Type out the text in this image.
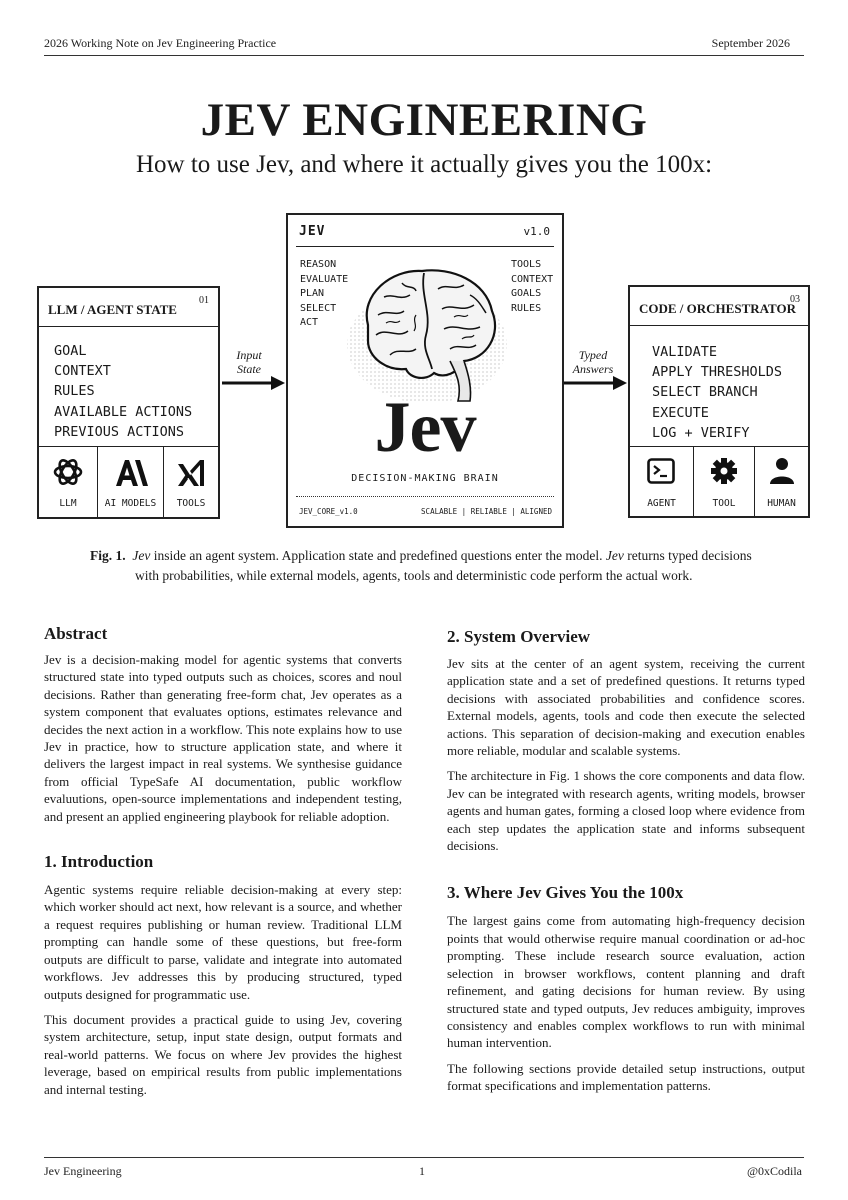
2026 Working Note on Jev Engineering Practice	September 2026
JEV ENGINEERING
How to use Jev, and where it actually gives you the 100x:
LLM / AGENT STATE
01
GOAL
CONTEXT
RULES
AVAILABLE ACTIONS
PREVIOUS ACTIONS
LLM	AI MODELS	TOOLS
Input
State
JEV	v1.0
REASON
EVALUATE
PLAN
SELECT
ACT
TOOLS
CONTEXT
GOALS
RULES
Jev
DECISION-MAKING BRAIN
JEV_CORE_v1.0	SCALABLE | RELIABLE | ALIGNED
Typed
Answers
CODE / ORCHESTRATOR
03
VALIDATE
APPLY THRESHOLDS
SELECT BRANCH
EXECUTE
LOG + VERIFY
AGENT	TOOL	HUMAN
Fig. 1. Jev inside an agent system. Application state and predefined questions enter the model. Jev returns typed decisions
with probabilities, while external models, agents, tools and deterministic code perform the actual work.
Abstract

Jev is a decision-making model for agentic systems that converts structured state into typed outputs such as choices, scores and noul decisions. Rather than generating free-form chat, Jev operates as a system component that evaluates options, estimates relevance and decides the next action in a workflow. This note explains how to use Jev in practice, how to structure application state, and where it delivers the largest impact in real systems. We synthesise guidance from official TypeSafe AI documentation, public workflow evaluutions, open-source implementations and independent testing, and present an applied engineering playbook for reliable adoption.

1. Introduction

Agentic systems require reliable decision-making at every step: which worker should act next, how relevant is a source, and whether a request requires publishing or human review. Traditional LLM prompting can handle some of these questions, but free-form outputs are difficult to parse, validate and integrate into automated workflows. Jev addresses this by producing structured, typed outputs designed for programmatic use.

This document provides a practical guide to using Jev, covering system architecture, setup, input state design, output formats and real-world patterns. We focus on where Jev provides the highest leverage, based on empirical results from public implementations and internal testing.

2. System Overview

Jev sits at the center of an agent system, receiving the current application state and a set of predefined questions. It returns typed decisions with associated probabilities and confidence scores. External models, agents, tools and code then execute the selected actions. This separation of decision-making and execution enables more reliable, modular and scalable systems.

The architecture in Fig. 1 shows the core components and data flow. Jev can be integrated with research agents, writing models, browser agents and human gates, forming a closed loop where evidence from each step updates the application state and informs subsequent decisions.

3. Where Jev Gives You the 100x

The largest gains come from automating high-frequency decision points that would otherwise require manual coordination or ad-hoc prompting. These include research source evaluation, action selection in browser workflows, content planning and draft refinement, and gating decisions for human review. By using structured state and typed outputs, Jev reduces ambiguity, improves consistency and enables complex workflows to run with minimal human intervention.

The following sections provide detailed setup instructions, output format specifications and implementation patterns.

Jev Engineering	1	@0xCodila
